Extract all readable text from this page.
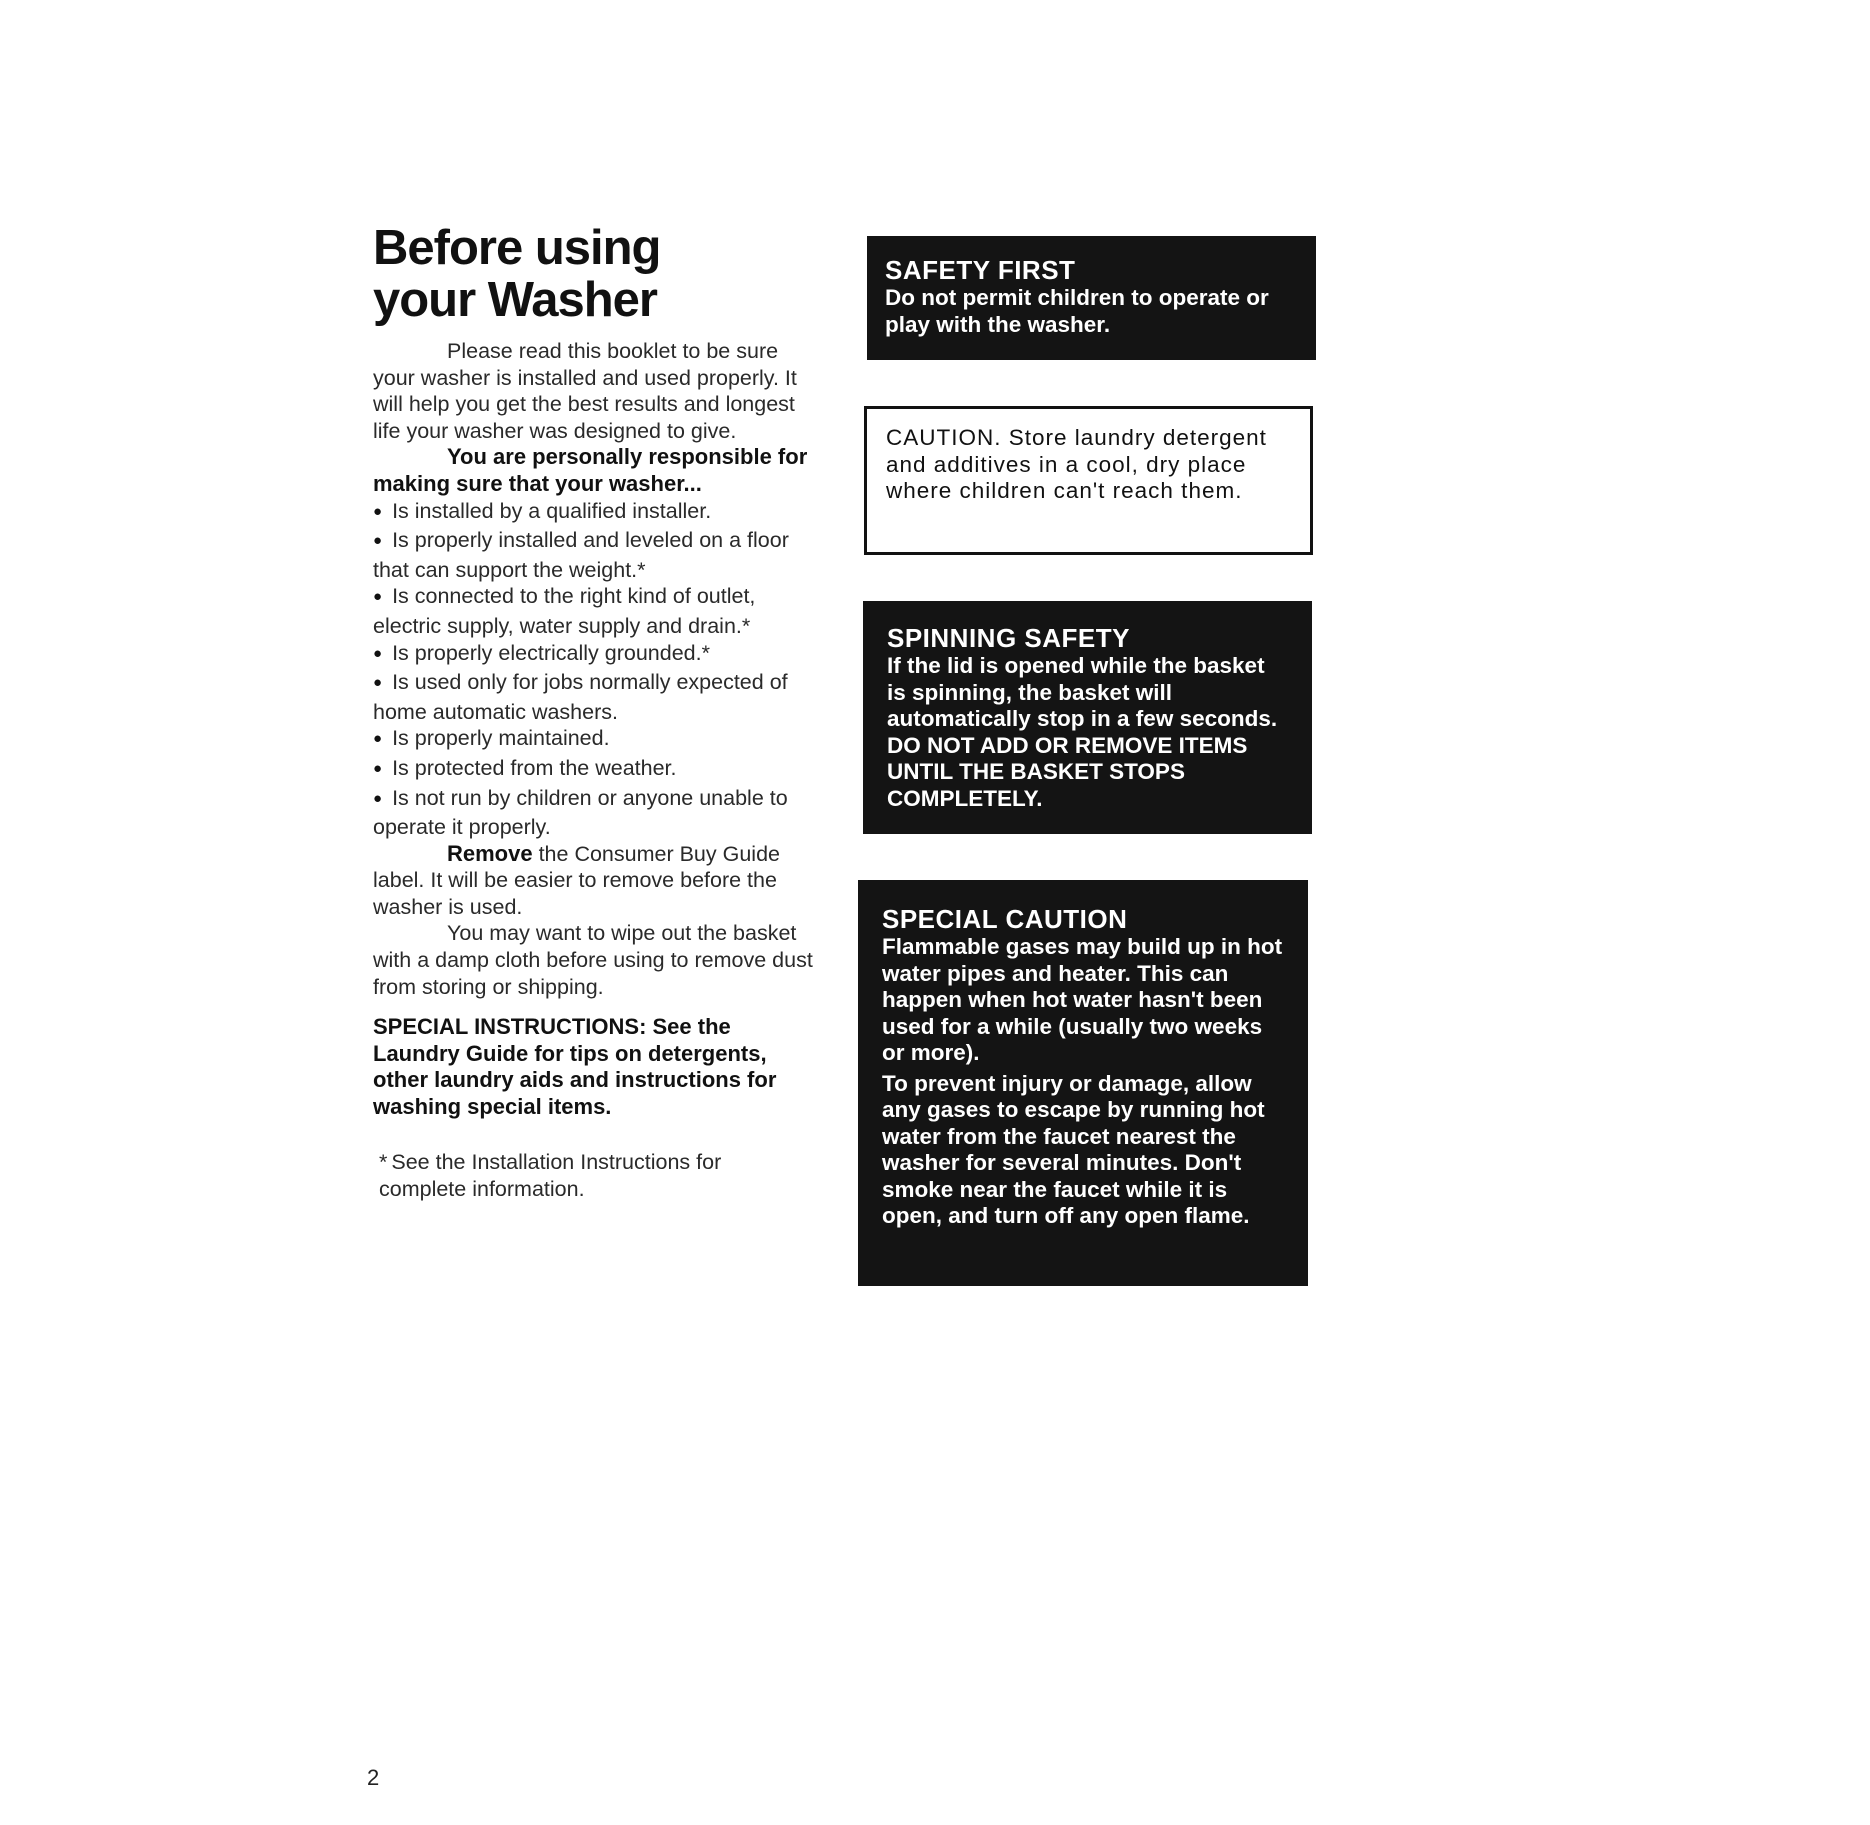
Before using
your Washer

Please read this booklet to be sure your washer is installed and used properly. It will help you get the best results and longest life your washer was designed to give.

You are personally responsible for making sure that your washer...

● Is installed by a qualified installer.
● Is properly installed and leveled on a floor that can support the weight.*
● Is connected to the right kind of outlet, electric supply, water supply and drain.*
● Is properly electrically grounded.*
● Is used only for jobs normally expected of home automatic washers.
● Is properly maintained.
● Is protected from the weather.
● Is not run by children or anyone unable to operate it properly.

Remove the Consumer Buy Guide label. It will be easier to remove before the washer is used.

You may want to wipe out the basket with a damp cloth before using to remove dust from storing or shipping.

SPECIAL INSTRUCTIONS: See the Laundry Guide for tips on detergents, other laundry aids and instructions for washing special items.

* See the Installation Instructions for complete information.

SAFETY FIRST
Do not permit children to operate or play with the washer.
CAUTION. Store laundry detergent and additives in a cool, dry place where children can't reach them.
SPINNING SAFETY
If the lid is opened while the basket is spinning, the basket will automatically stop in a few seconds. DO NOT ADD OR REMOVE ITEMS UNTIL THE BASKET STOPS COMPLETELY.
SPECIAL CAUTION
Flammable gases may build up in hot water pipes and heater. This can happen when hot water hasn't been used for a while (usually two weeks or more).
To prevent injury or damage, allow any gases to escape by running hot water from the faucet nearest the washer for several minutes. Don't smoke near the faucet while it is open, and turn off any open flame.
2
